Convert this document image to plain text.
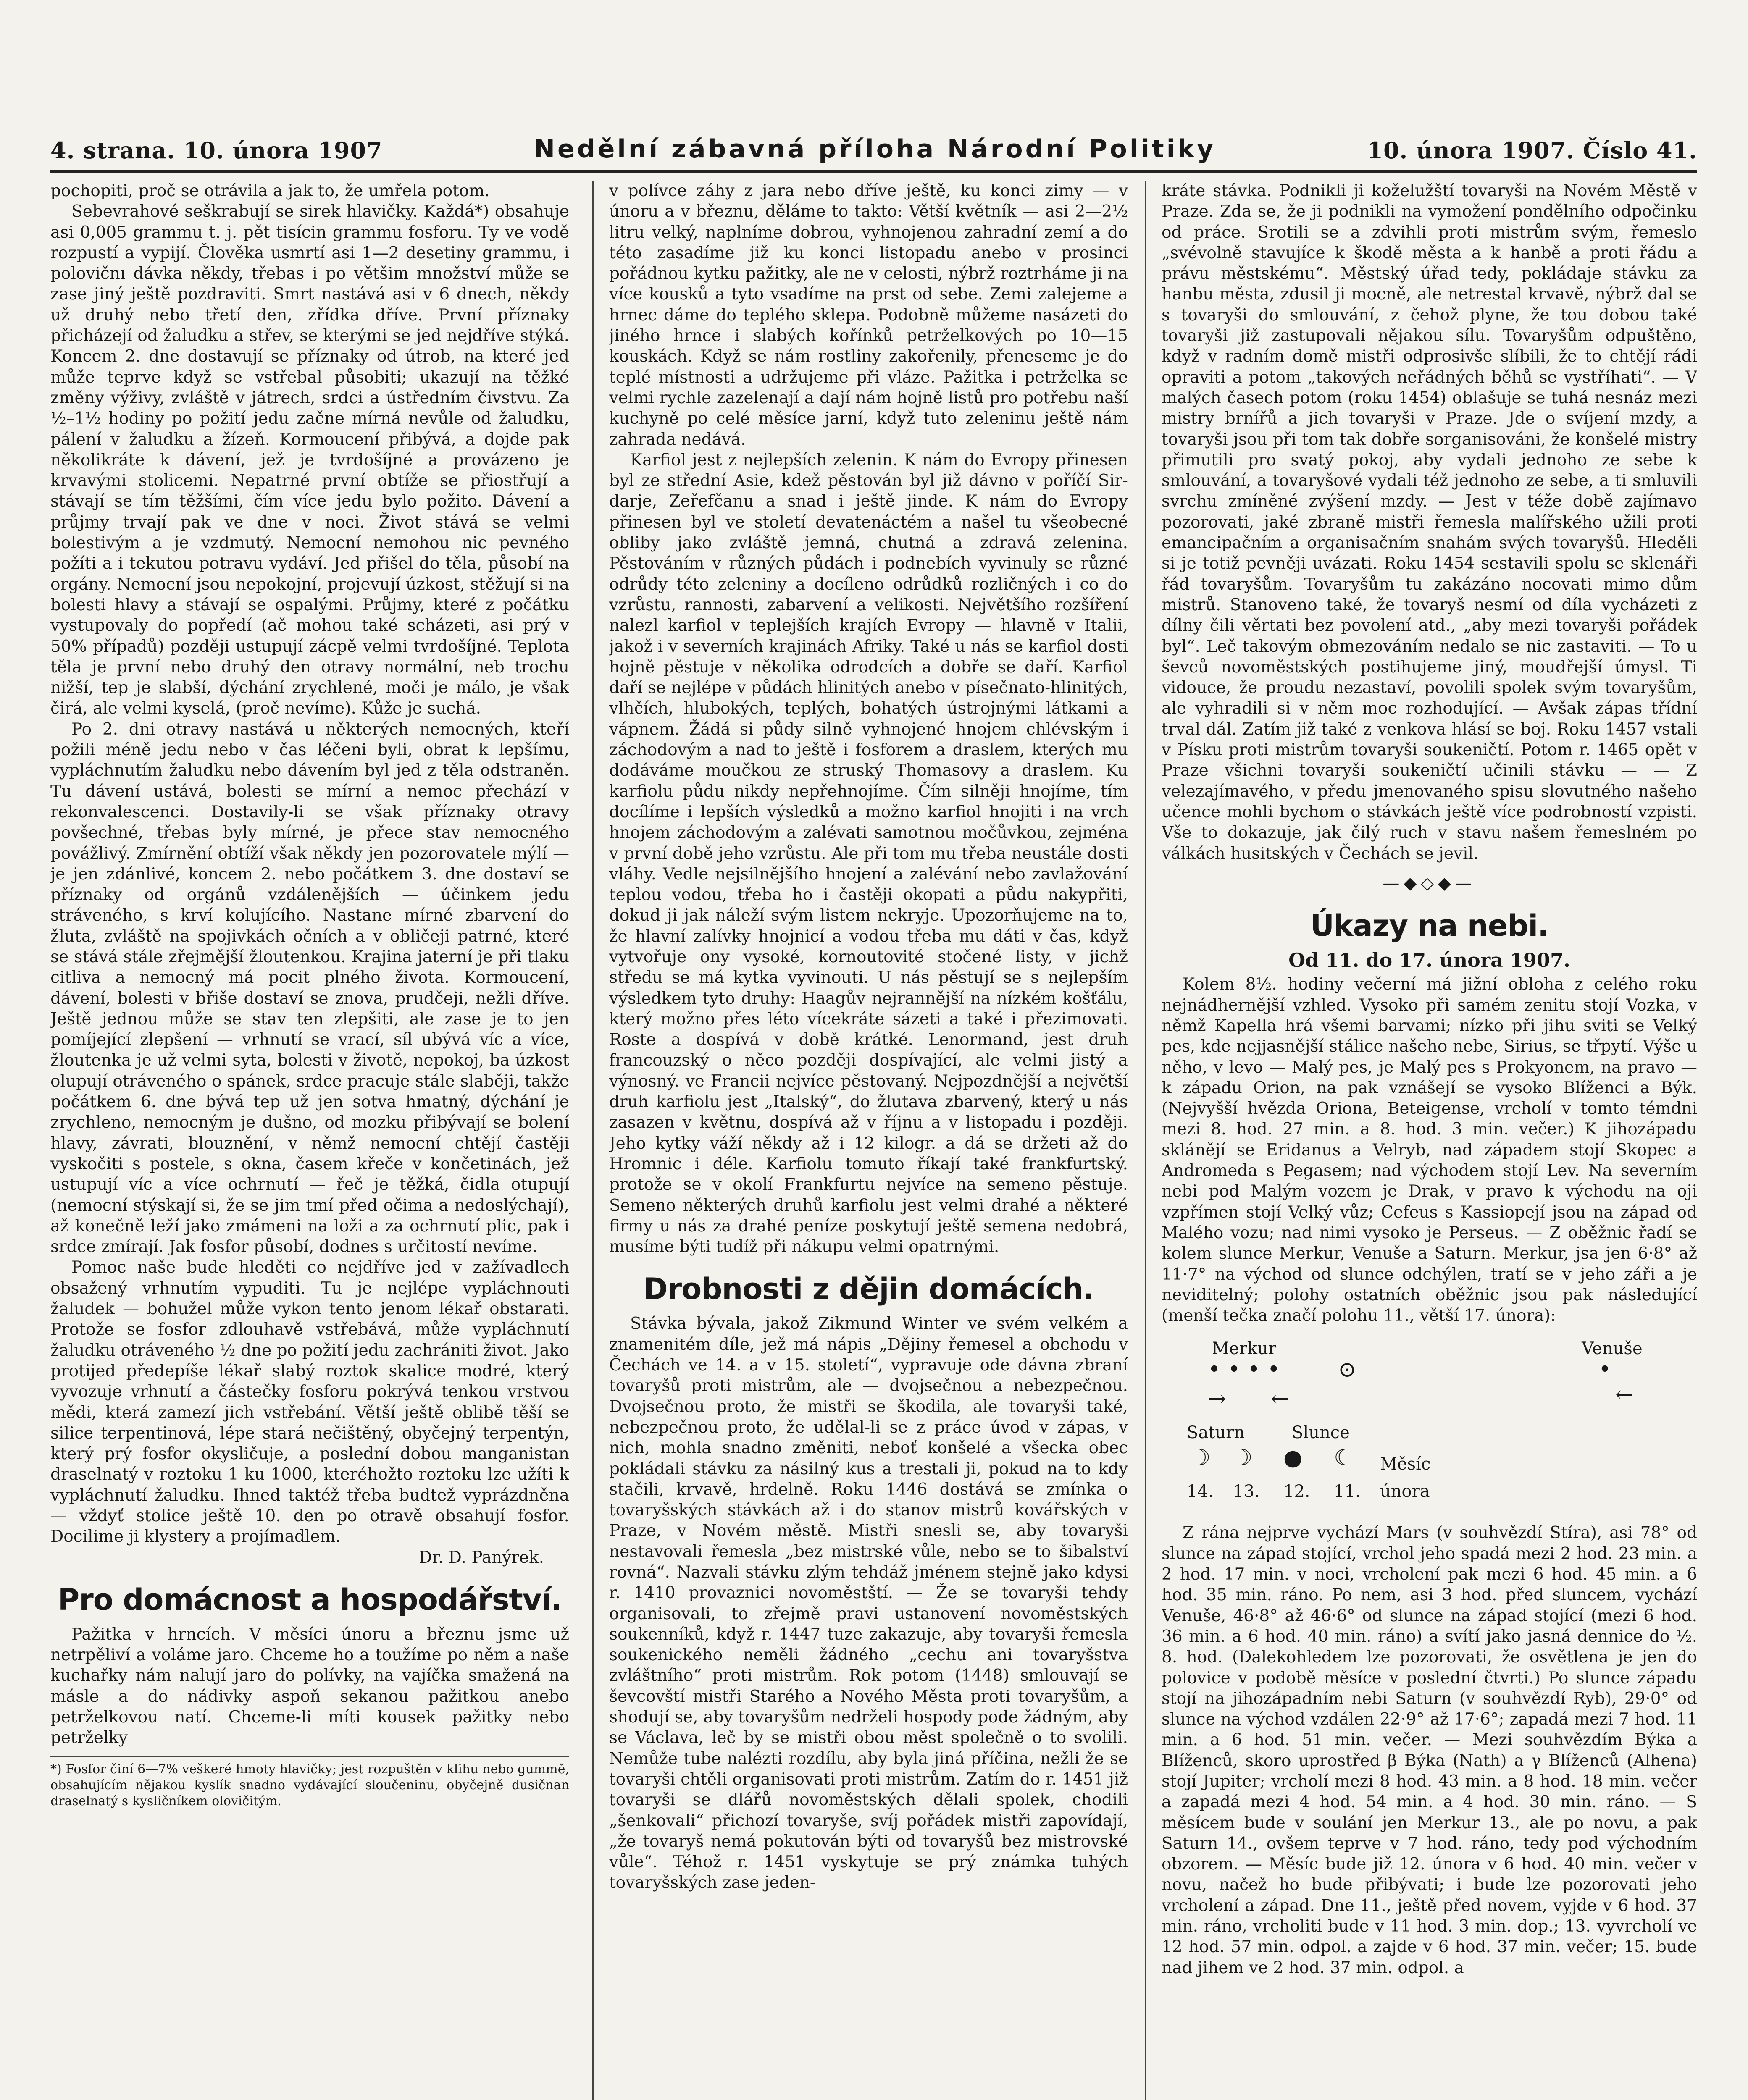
4. strana. 10. února 1907	Nedělní zábavná příloha Národní Politiky	10. února 1907. Číslo 41.

pochopiti, proč se otrávila a jak to, že umřela potom.

Sebevrahové seškrabují se sirek hlavičky. Každá*) obsahuje asi 0,005 grammu t. j. pět tisícin grammu fosforu. Ty ve vodě rozpustí a vypijí. Člověka usmrtí asi 1—2 desetiny grammu, i polovičnı dávka někdy, třebas i po většim množství může se zase jiný ještě pozdraviti. Smrt nastává asi v 6 dnech, někdy už druhý nebo třetí den, zřídka dříve. První příznaky přicházejí od žaludku a střev, se kterými se jed nejdříve stýká. Koncem 2. dne dostavují se příznaky od útrob, na které jed může teprve když se vstřebal působiti; ukazují na těžké změny výživy, zvláště v játrech, srdci a ústředním čivstvu. Za ½–1½ hodiny po požití jedu začne mírná nevůle od žaludku, pálení v žaludku a žízeň. Kormoucení přibývá, a dojde pak několikráte k dávení, jež je tvrdošíjné a provázeno je krvavými stolicemi. Nepatrné první obtíže se přiostřují a stávají se tím těžšími, čím více jedu bylo požito. Dávení a průjmy trvají pak ve dne v noci. Život stává se velmi bolestivým a je vzdmutý. Nemocní nemohou nic pevného požíti a i tekutou potravu vydáví. Jed přišel do těla, působí na orgány. Nemocní jsou nepokojní, projevují úzkost, stěžují si na bolesti hlavy a stávají se ospalými. Průjmy, které z počátku vystupovaly do popředí (ač mohou také scházeti, asi prý v 50% případů) později ustupují zácpě velmi tvrdošíjné. Teplota těla je první nebo druhý den otravy normální, neb trochu nižší, tep je slabší, dýchání zrychlené, moči je málo, je však čirá, ale velmi kyselá, (proč nevíme). Kůže je suchá.

Po 2. dni otravy nastává u některých nemocných, kteří požili méně jedu nebo v čas léčeni byli, obrat k lepšímu, vypláchnutím žaludku nebo dávením byl jed z těla odstraněn. Tu dávení ustává, bolesti se mírní a nemoc přechází v rekonvalescenci. Dostavily-li se však příznaky otravy povšechné, třebas byly mírné, je přece stav nemocného povážlivý. Zmírnění obtíží však někdy jen pozorovatele mýlí — je jen zdánlivé, koncem 2. nebo počátkem 3. dne dostaví se příznaky od orgánů vzdálenějších — účinkem jedu stráveného, s krví kolujícího. Nastane mírné zbarvení do žluta, zvláště na spojivkách očních a v obličeji patrné, které se stává stále zřejmější žloutenkou. Krajina jaterní je při tlaku citliva a nemocný má pocit plného života. Kormoucení, dávení, bolesti v břiše dostaví se znova, prudčeji, nežli dříve. Ještě jednou může se stav ten zlepšiti, ale zase je to jen pomíjející zlepšení — vrhnutí se vrací, síl ubývá víc a více, žloutenka je už velmi syta, bolesti v životě, nepokoj, ba úzkost olupují otráveného o spánek, srdce pracuje stále slaběji, takže počátkem 6. dne bývá tep už jen sotva hmatný, dýchání je zrychleno, nemocným je dušno, od mozku přibývají se bolení hlavy, závrati, blouznění, v němž nemocní chtějí častěji vyskočiti s postele, s okna, časem křeče v končetinách, jež ustupují víc a více ochrnutí — řeč je těžká, čidla otupují (nemocní stýskají si, že se jim tmí před očima a nedoslýchají), až konečně leží jako zmámeni na loži a za ochrnutí plic, pak i srdce zmírají. Jak fosfor působí, dodnes s určitostí nevíme.

Pomoc naše bude hleděti co nejdříve jed v zažívadlech obsažený vrhnutím vypuditi. Tu je nejlépe vypláchnouti žaludek — bohužel může vykon tento jenom lékař obstarati. Protože se fosfor zdlouhavě vstřebává, může vypláchnutí žaludku otráveného ½ dne po požití jedu zachrániti život. Jako protijed předepíše lékař slabý roztok skalice modré, který vyvozuje vrhnutí a částečky fosforu pokrývá tenkou vrstvou mědi, která zamezí jich vstřebání. Větší ještě oblibě těší se silice terpentinová, lépe stará nečištěný, obyčejný terpentýn, který prý fosfor okysličuje, a poslední dobou manganistan draselnatý v roztoku 1 ku 1000, kteréhožto roztoku lze užíti k vypláchnutí žaludku. Ihned taktéž třeba budtež vyprázdněna — vždyť stolice ještě 10. den po otravě obsahují fosfor. Docilime ji klystery a projímadlem.

Dr. D. Panýrek.

Pro domácnost a hospodářství.

Pažitka v hrncích. V měsíci únoru a březnu jsme už netrpěliví a voláme jaro. Chceme ho a toužíme po něm a naše kuchařky nám nalují jaro do polívky, na vajíčka smažená na másle a do nádivky aspoň sekanou pažitkou anebo petrželkovou natí. Chceme-li míti kousek pažitky nebo petrželky

*) Fosfor činí 6—7% veškeré hmoty hlavičky; jest rozpuštěn v klihu nebo gummě, obsahujícím nějakou kyslík snadno vydávající sloučeninu, obyčejně dusičnan draselnatý s kysličníkem olovičitým.

v polívce záhy z jara nebo dříve ještě, ku konci zimy — v únoru a v březnu, děláme to takto: Větší květník — asi 2—2½ litru velký, naplníme dobrou, vyhnojenou zahradní zemí a do této zasadíme již ku konci listopadu anebo v prosinci pořádnou kytku pažitky, ale ne v celosti, nýbrž roztrháme ji na více kousků a tyto vsadíme na prst od sebe. Zemi zalejeme a hrnec dáme do teplého sklepa. Podobně můžeme nasázeti do jiného hrnce i slabých kořínků petrželkových po 10—15 kouskách. Když se nám rostliny zakořenily, přeneseme je do teplé místnosti a udržujeme při vláze. Pažitka i petrželka se velmi rychle zazelenají a dají nám hojně listů pro potřebu naší kuchyně po celé měsíce jarní, když tuto zeleninu ještě nám zahrada nedává.

Karfiol jest z nejlepších zelenin. K nám do Evropy přinesen byl ze střední Asie, kdež pěstován byl již dávno v poříčí Sir-darje, Zeřefčanu a snad i ještě jinde. K nám do Evropy přinesen byl ve století devatenáctém a našel tu všeobecné obliby jako zvláště jemná, chutná a zdravá zelenina. Pěstováním v různých půdách i podnebích vyvinuly se různé odrůdy této zeleniny a docíleno odrůdků rozličných i co do vzrůstu, rannosti, zabarvení a velikosti. Největšího rozšíření nalezl karfiol v teplejších krajích Evropy — hlavně v Italii, jakož i v severních krajinách Afriky. Také u nás se karfiol dosti hojně pěstuje v několika odrodcích a dobře se daří. Karfiol daří se nejlépe v půdách hlinitých anebo v písečnato-hlinitých, vlhčích, hlubokých, teplých, bohatých ústrojnými látkami a vápnem. Žádá si půdy silně vyhnojené hnojem chlévským i záchodovým a nad to ještě i fosforem a draslem, kterých mu dodáváme moučkou ze struský Thomasovy a draslem. Ku karfiolu půdu nikdy nepřehnojíme. Čím silněji hnojíme, tím docílíme i lepších výsledků a možno karfiol hnojiti i na vrch hnojem záchodovým a zalévati samotnou močůvkou, zejména v první době jeho vzrůstu. Ale při tom mu třeba neustále dosti vláhy. Vedle nejsilnějšího hnojení a zalévání nebo zavlažování teplou vodou, třeba ho i častěji okopati a půdu nakypřiti, dokud ji jak náleží svým listem nekryje. Upozorňujeme na to, že hlavní zalívky hnojnicí a vodou třeba mu dáti v čas, když vytvořuje ony vysoké, kornoutovité stočené listy, v jichž středu se má kytka vyvinouti. U nás pěstují se s nejlepším výsledkem tyto druhy: Haagův nejrannější na nízkém košťálu, který možno přes léto vícekráte sázeti a také i přezimovati. Roste a dospívá v době krátké. Lenormand, jest druh francouzský o něco později dospívající, ale velmi jistý a výnosný. ve Francii nejvíce pěstovaný. Nejpozdnější a největší druh karfiolu jest „Italský“, do žlutava zbarvený, který u nás zasazen v květnu, dospívá až v říjnu a v listopadu i později. Jeho kytky váží někdy až i 12 kilogr. a dá se držeti až do Hromnic i déle. Karfiolu tomuto říkají také frankfurtský. protože se v okolí Frankfurtu nejvíce na semeno pěstuje. Semeno některých druhů karfiolu jest velmi drahé a některé firmy u nás za drahé peníze poskytují ještě semena nedobrá, musíme býti tudíž při nákupu velmi opatrnými.

Drobnosti z dějin domácích.

Stávka bývala, jakož Zikmund Winter ve svém velkém a znamenitém díle, jež má nápis „Dějiny řemesel a obchodu v Čechách ve 14. a v 15. století“, vypravuje ode dávna zbraní tovaryšů proti mistrům, ale — dvojsečnou a nebezpečnou. Dvojsečnou proto, že mistři se škodila, ale tovaryši také, nebezpečnou proto, že udělal-li se z práce úvod v zápas, v nich, mohla snadno změniti, neboť konšelé a všecka obec pokládali stávku za násilný kus a trestali ji, pokud na to kdy stačili, krvavě, hrdelně. Roku 1446 dostává se zmínka o tovaryšských stávkách až i do stanov mistrů kovářských v Praze, v Novém městě. Mistři snesli se, aby tovaryši nestavovali řemesla „bez mistrské vůle, nebo se to šibalství rovná“. Nazvali stávku zlým tehdáž jménem stejně jako kdysi r. 1410 provaznici novoměstští. — Že se tovaryši tehdy organisovali, to zřejmě pravi ustanovení novoměstských soukenníků, když r. 1447 tuze zakazuje, aby tovaryši řemesla soukenického neměli žádného „cechu ani tovaryšstva zvláštního“ proti mistrům. Rok potom (1448) smlouvají se ševcovští mistři Starého a Nového Města proti tovaryšům, a shodují se, aby tovaryšům nedrželi hospody pode žádným, aby se Václava, leč by se mistři obou měst společně o to svolili. Nemůže tube nalézti rozdílu, aby byla jiná příčina, nežli že se tovaryši chtěli organisovati proti mistrům. Zatím do r. 1451 již tovaryši se dlářů novoměstských dělali spolek, chodili „šenkovali“ přichozí tovaryše, svíj pořádek mistři zapovídají, „že tovaryš nemá pokutován býti od tovaryšů bez mistrovské vůle“. Téhož r. 1451 vyskytuje se prý známka tuhých tovaryšských zase jeden-

kráte stávka. Podnikli ji koželužští tovaryši na Novém Městě v Praze. Zda se, že ji podnikli na vymožení pondělního odpočinku od práce. Srotili se a zdvihli proti mistrům svým, řemeslo „svévolně stavujíce k škodě města a k hanbě a proti řádu a právu městskému“. Městský úřad tedy, pokládaje stávku za hanbu města, zdusil ji mocně, ale netrestal krvavě, nýbrž dal se s tovaryši do smlouvání, z čehož plyne, že tou dobou také tovaryši již zastupovali nějakou sílu. Tovaryšům odpuštěno, když v radním domě mistři odprosivše slíbili, že to chtějí rádi opraviti a potom „takových neřádných běhů se vystříhati“. — V malých časech potom (roku 1454) oblašuje se tuhá nesnáz mezi mistry brnířů a jich tovaryši v Praze. Jde o svíjení mzdy, a tovaryši jsou při tom tak dobře sorganisováni, že konšelé mistry přimutili pro svatý pokoj, aby vydali jednoho ze sebe k smlouvání, a tovaryšové vydali též jednoho ze sebe, a ti smluvili svrchu zmíněné zvýšení mzdy. — Jest v téže době zajímavo pozorovati, jaké zbraně mistři řemesla malířského užili proti emancipačním a organisačním snahám svých tovaryšů. Hleděli si je totiž pevněji uvázati. Roku 1454 sestavili spolu se sklenáři řád tovaryšům. Tovaryšům tu zakázáno nocovati mimo dům mistrů. Stanoveno také, že tovaryš nesmí od díla vycházeti z dílny čili věrtati bez povolení atd., „aby mezi tovaryši pořádek byl“. Leč takovým obmezováním nedalo se nic zastaviti. — To u ševců novoměstských postihujeme jiný, moudřejší úmysl. Ti vidouce, že proudu nezastaví, povolili spolek svým tovaryšům, ale vyhradili si v něm moc rozhodující. — Avšak zápas třídní trval dál. Zatím již také z venkova hlásí se boj. Roku 1457 vstali v Písku proti mistrům tovaryši soukeničtí. Potom r. 1465 opět v Praze všichni tovaryši soukeničtí učinili stávku — — Z velezajímavého, v předu jmenovaného spisu slovutného našeho učence mohli bychom o stávkách ještě více podrobností vzpisti. Vše to dokazuje, jak čilý ruch v stavu našem řemeslném po válkách husitských v Čechách se jevil.

—◆◇◆—
Úkazy na nebi.
Od 11. do 17. února 1907.

Kolem 8½. hodiny večerní má jižní obloha z celého roku nejnádhernější vzhled. Vysoko při samém zenitu stojí Vozka, v němž Kapella hrá všemi barvami; nízko při jihu sviti se Velký pes, kde nejjasnější stálice našeho nebe, Sirius, se třpytí. Výše u něho, v levo — Malý pes, je Malý pes s Prokyonem, na pravo — k západu Orion, na pak vznášejí se vysoko Blíženci a Býk. (Nejvyšší hvězda Oriona, Beteigense, vrcholí v tomto témdni mezi 8. hod. 27 min. a 8. hod. 3 min. večer.) K jihozápadu sklánějí se Eridanus a Velryb, nad západem stojí Skopec a Andromeda s Pegasem; nad východem stojí Lev. Na severním nebi pod Malým vozem je Drak, v pravo k východu na oji vzpřímen stojí Velký vůz; Cefeus s Kassiopejí jsou na západ od Malého vozu; nad nimi vysoko je Perseus. — Z oběžnic řadí se kolem slunce Merkur, Venuše a Saturn. Merkur, jsa jen 6·8° až 11·7° na východ od slunce odchýlen, tratí se v jeho záři a je neviditelný; polohy ostatních oběžnic jsou pak následující (menší tečka značí polohu 11., větší 17. února):

Merkur	Venuše
• • • •	⊙	•
→ ←	←
Saturn	Slunce
☽ ☽ ● ☾ Měsíc
14. 13. 12. 11. února

Z rána nejprve vychází Mars (v souhvězdí Stíra), asi 78° od slunce na západ stojící, vrchol jeho spadá mezi 2 hod. 23 min. a 2 hod. 17 min. v noci, vrcholení pak mezi 6 hod. 45 min. a 6 hod. 35 min. ráno. Po nem, asi 3 hod. před sluncem, vychází Venuše, 46·8° až 46·6° od slunce na západ stojící (mezi 6 hod. 36 min. a 6 hod. 40 min. ráno) a svítí jako jasná dennice do ½. 8. hod. (Dalekohledem lze pozorovati, že osvětlena je jen do polovice v podobě měsíce v poslední čtvrti.) Po slunce západu stojí na jihozápadním nebi Saturn (v souhvězdí Ryb), 29·0° od slunce na východ vzdálen 22·9° až 17·6°; zapadá mezi 7 hod. 11 min. a 6 hod. 51 min. večer. — Mezi souhvězdím Býka a Blíženců, skoro uprostřed β Býka (Nath) a γ Blíženců (Alhena) stojí Jupiter; vrcholí mezi 8 hod. 43 min. a 8 hod. 18 min. večer a zapadá mezi 4 hod. 54 min. a 4 hod. 30 min. ráno. — S měsícem bude v soulání jen Merkur 13., ale po novu, a pak Saturn 14., ovšem teprve v 7 hod. ráno, tedy pod východním obzorem. — Měsíc bude již 12. února v 6 hod. 40 min. večer v novu, načež ho bude přibývati; i bude lze pozorovati jeho vrcholení a západ. Dne 11., ještě před novem, vyjde v 6 hod. 37 min. ráno, vrcholiti bude v 11 hod. 3 min. dop.; 13. vyvrcholí ve 12 hod. 57 min. odpol. a zajde v 6 hod. 37 min. večer; 15. bude nad jihem ve 2 hod. 37 min. odpol. a
